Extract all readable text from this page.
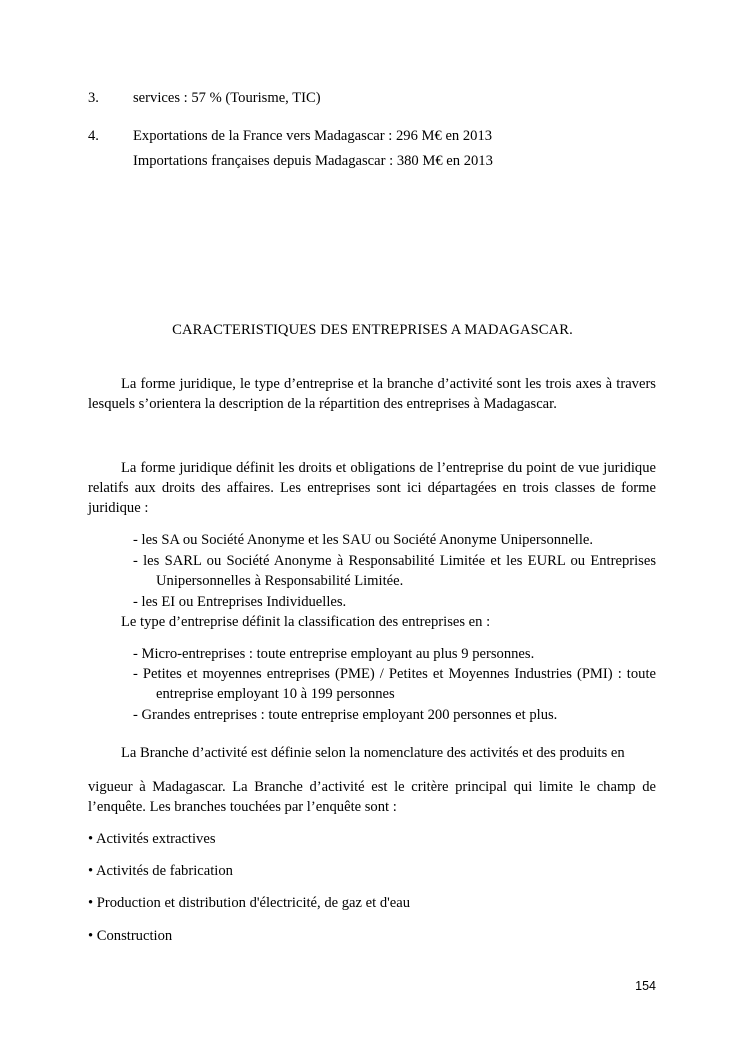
3. services : 57 % (Tourisme, TIC)
4. Exportations de la France vers Madagascar : 296 M€ en 2013
Importations françaises depuis Madagascar : 380 M€ en 2013
CARACTERISTIQUES DES ENTREPRISES A MADAGASCAR.
La forme juridique, le type d’entreprise et la branche d’activité sont les trois axes à travers lesquels s’orientera la description de la répartition des entreprises à Madagascar.
La forme juridique définit les droits et obligations de l’entreprise du point de vue juridique relatifs aux droits des affaires. Les entreprises sont ici départagées en trois classes de forme juridique :
- les SA ou Société Anonyme et les SAU ou Société Anonyme Unipersonnelle.
- les SARL ou Société Anonyme à Responsabilité Limitée et les EURL ou Entreprises Unipersonnelles à Responsabilité Limitée.
- les EI ou Entreprises Individuelles.
Le type d’entreprise définit la classification des entreprises en :
- Micro-entreprises : toute entreprise employant au plus 9 personnes.
- Petites et moyennes entreprises (PME) / Petites et Moyennes Industries (PMI) : toute entreprise employant 10 à 199 personnes
- Grandes entreprises : toute entreprise employant 200 personnes et plus.
La Branche d’activité est définie selon la nomenclature des activités et des produits en
vigueur à Madagascar. La Branche d’activité est le critère principal qui limite le champ de l’enquête. Les branches touchées par l’enquête sont :
• Activités extractives
• Activités de fabrication
• Production et distribution d'électricité, de gaz et d'eau
• Construction
154
